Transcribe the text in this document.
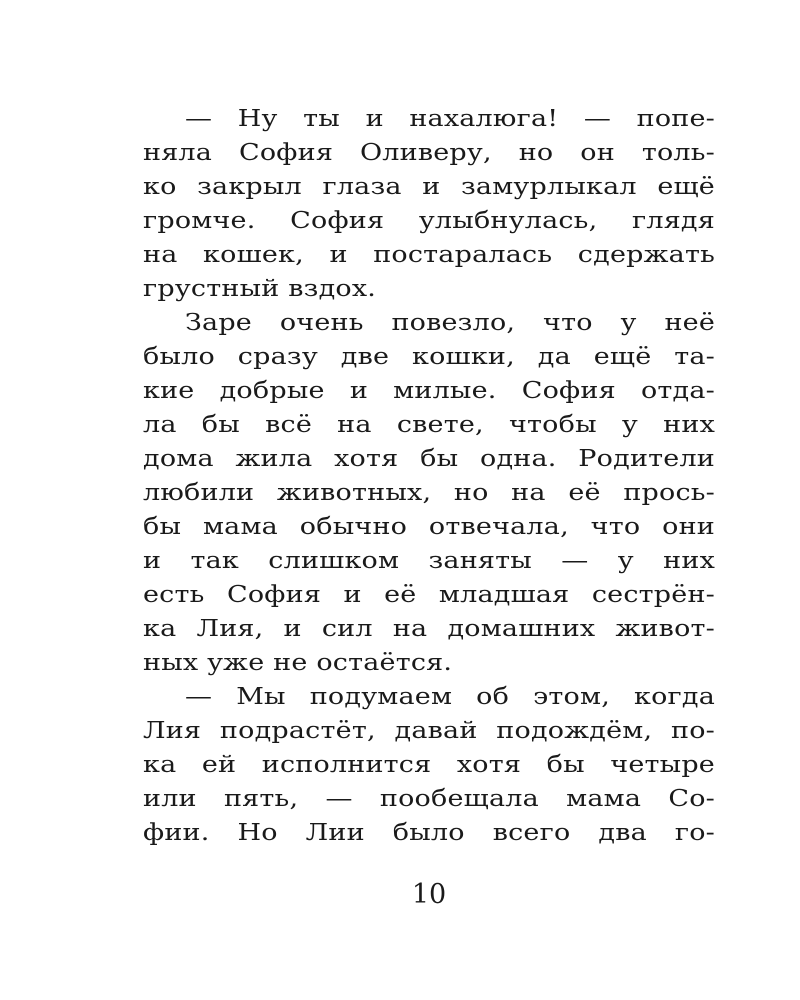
— Ну ты и нахалюга! — попе-
няла София Оливеру, но он толь-
ко закрыл глаза и замурлыкал ещё
громче. София улыбнулась, глядя
на кошек, и постаралась сдержать
грустный вздох.
Заре очень повезло, что у неё
было сразу две кошки, да ещё та-
кие добрые и милые. София отда-
ла бы всё на свете, чтобы у них
дома жила хотя бы одна. Родители
любили животных, но на её прось-
бы мама обычно отвечала, что они
и так слишком заняты — у них
есть София и её младшая сестрён-
ка Лия, и сил на домашних живот-
ных уже не остаётся.
— Мы подумаем об этом, когда
Лия подрастёт, давай подождём, по-
ка ей исполнится хотя бы четыре
или пять, — пообещала мама Со-
фии. Но Лии было всего два го-
10
